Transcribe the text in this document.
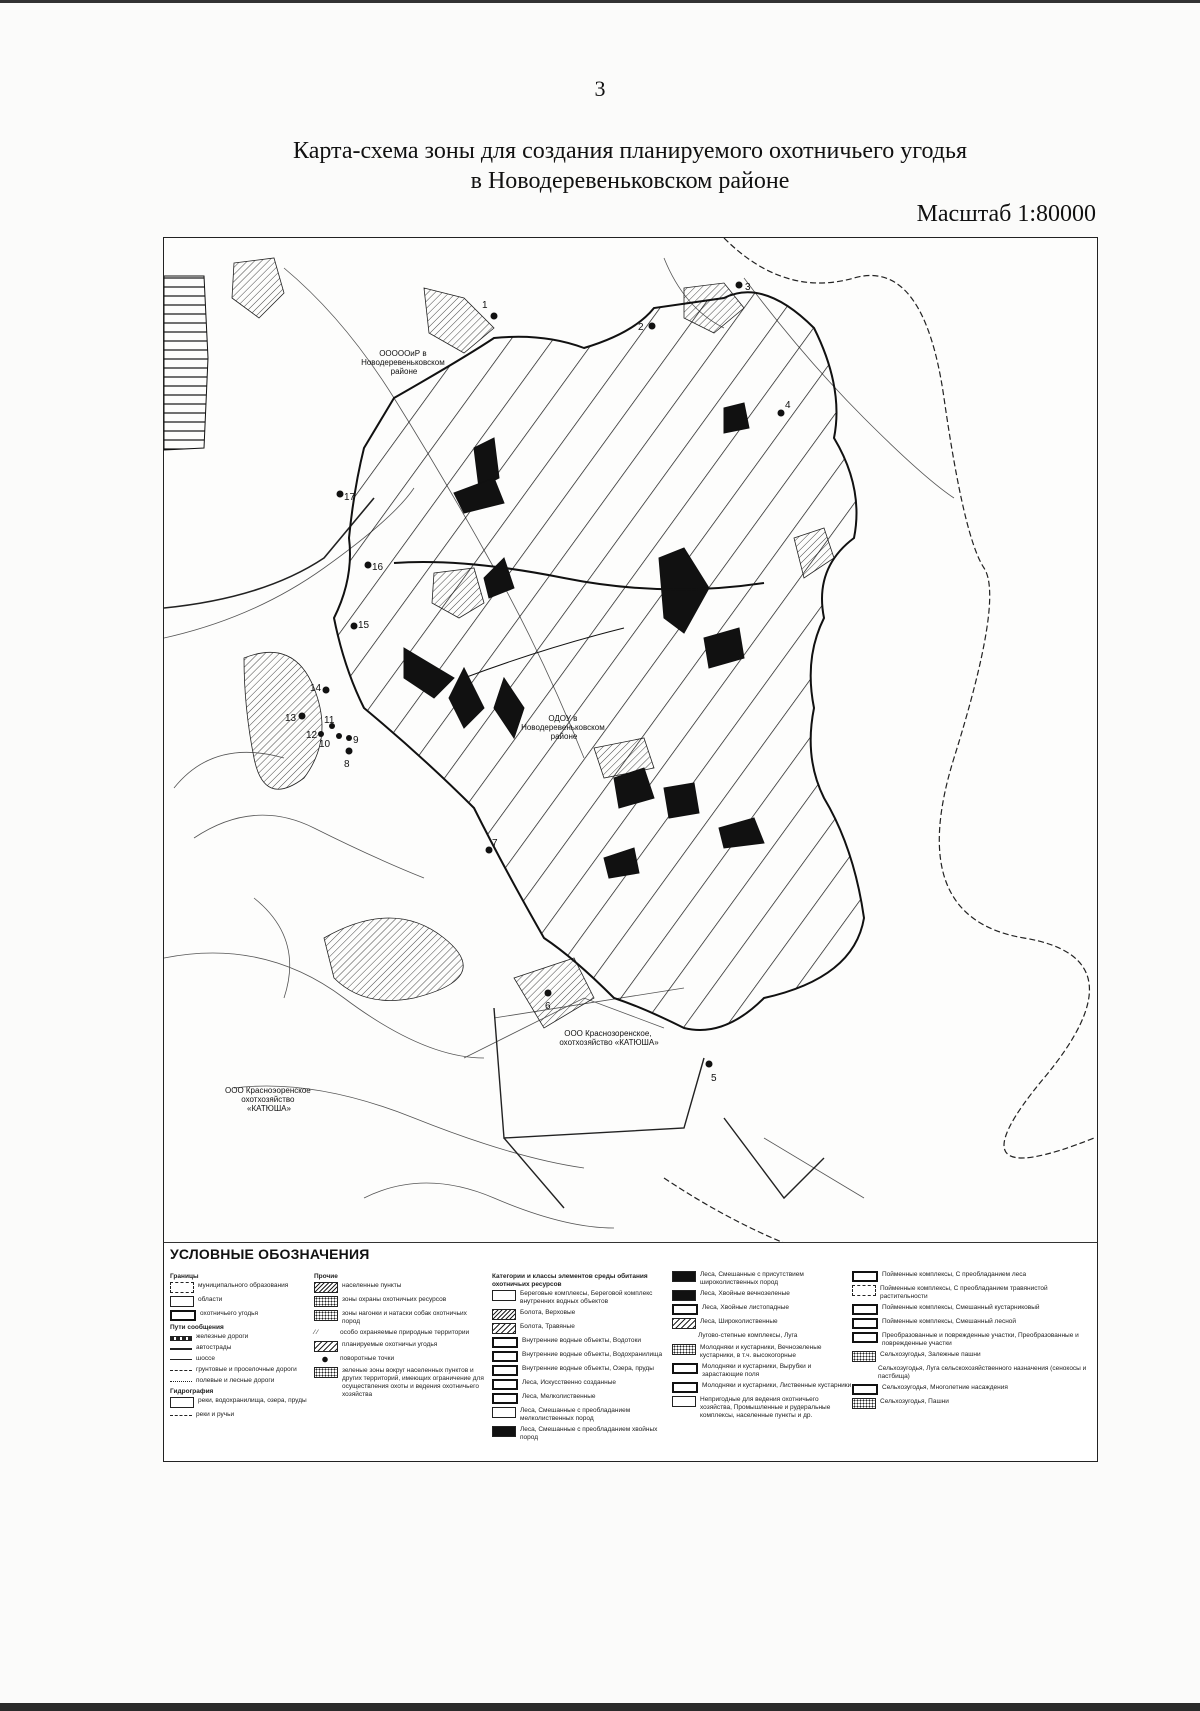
3
Карта-схема зоны для создания планируемого охотничьего угодья
в Новодеревеньковском районе
Масштаб 1:80000
1
2
3
4
5
6
7
8
9
10
11
12
13
14
15
16
17
ОООООиР в Новодеревеньковском районе
ОДОУ в Новодеревеньковском районе
ООО Краснозоренское, охотхозяйство «КАТЮША»
ООО Красноэоренское охотхозяйство «КАТЮША»
УСЛОВНЫЕ ОБОЗНАЧЕНИЯ
Границы
муниципального образования
области
охотничьего угодья
Пути сообщения
железные дороги
автострады
шоссе
грунтовые и проселочные дороги
полевые и лесные дороги
Гидрография
реки, водохранилища, озера, пруды
реки и ручьи
Прочие
населенные пункты
зоны охраны охотничьих ресурсов
зоны нагонки и натаски собак охотничьих пород
⁄ ⁄	особо охраняемые природные территории
планируемые охотничьи угодья
поворотные точки
зеленые зоны вокруг населенных пунктов и других территорий, имеющих ограничение для осуществления охоты и ведения охотничьего хозяйства
Категории и классы элементов среды обитания охотничьих ресурсов
Береговые комплексы, Береговой комплекс внутренних водных объектов
Болота, Верховые
Болота, Травяные
Внутренние водные объекты, Водотоки
Внутренние водные объекты, Водохранилища
Внутренние водные объекты, Озера, пруды
Леса, Искусственно созданные
Леса, Мелколиственные
Леса, Смешанные с преобладанием мелколиственных пород
Леса, Смешанные с преобладанием хвойных пород
Леса, Смешанные с присутствием широколиственных пород
Леса, Хвойные вечнозеленые
Леса, Хвойные листопадные
Леса, Широколиственные
Лугово-степные комплексы, Луга
Молодняки и кустарники, Вечнозеленые кустарники, в т.ч. высокогорные
Молодняки и кустарники, Вырубки и зарастающие поля
Молодняки и кустарники, Лиственные кустарники
Непригодные для ведения охотничьего хозяйства, Промышленные и рудеральные комплексы, населенные пункты и др.
Пойменные комплексы, С преобладанием леса
Пойменные комплексы, С преобладанием травянистой растительности
Пойменные комплексы, Смешанный кустарниковый
Пойменные комплексы, Смешанный лесной
Преобразованные и поврежденные участки, Преобразованные и поврежденные участки
Сельхозугодья, Залежные пашни
Сельхозугодья, Луга сельскохозяйственного назначения (сенокосы и пастбища)
Сельхозугодья, Многолетние насаждения
Сельхозугодья, Пашни
